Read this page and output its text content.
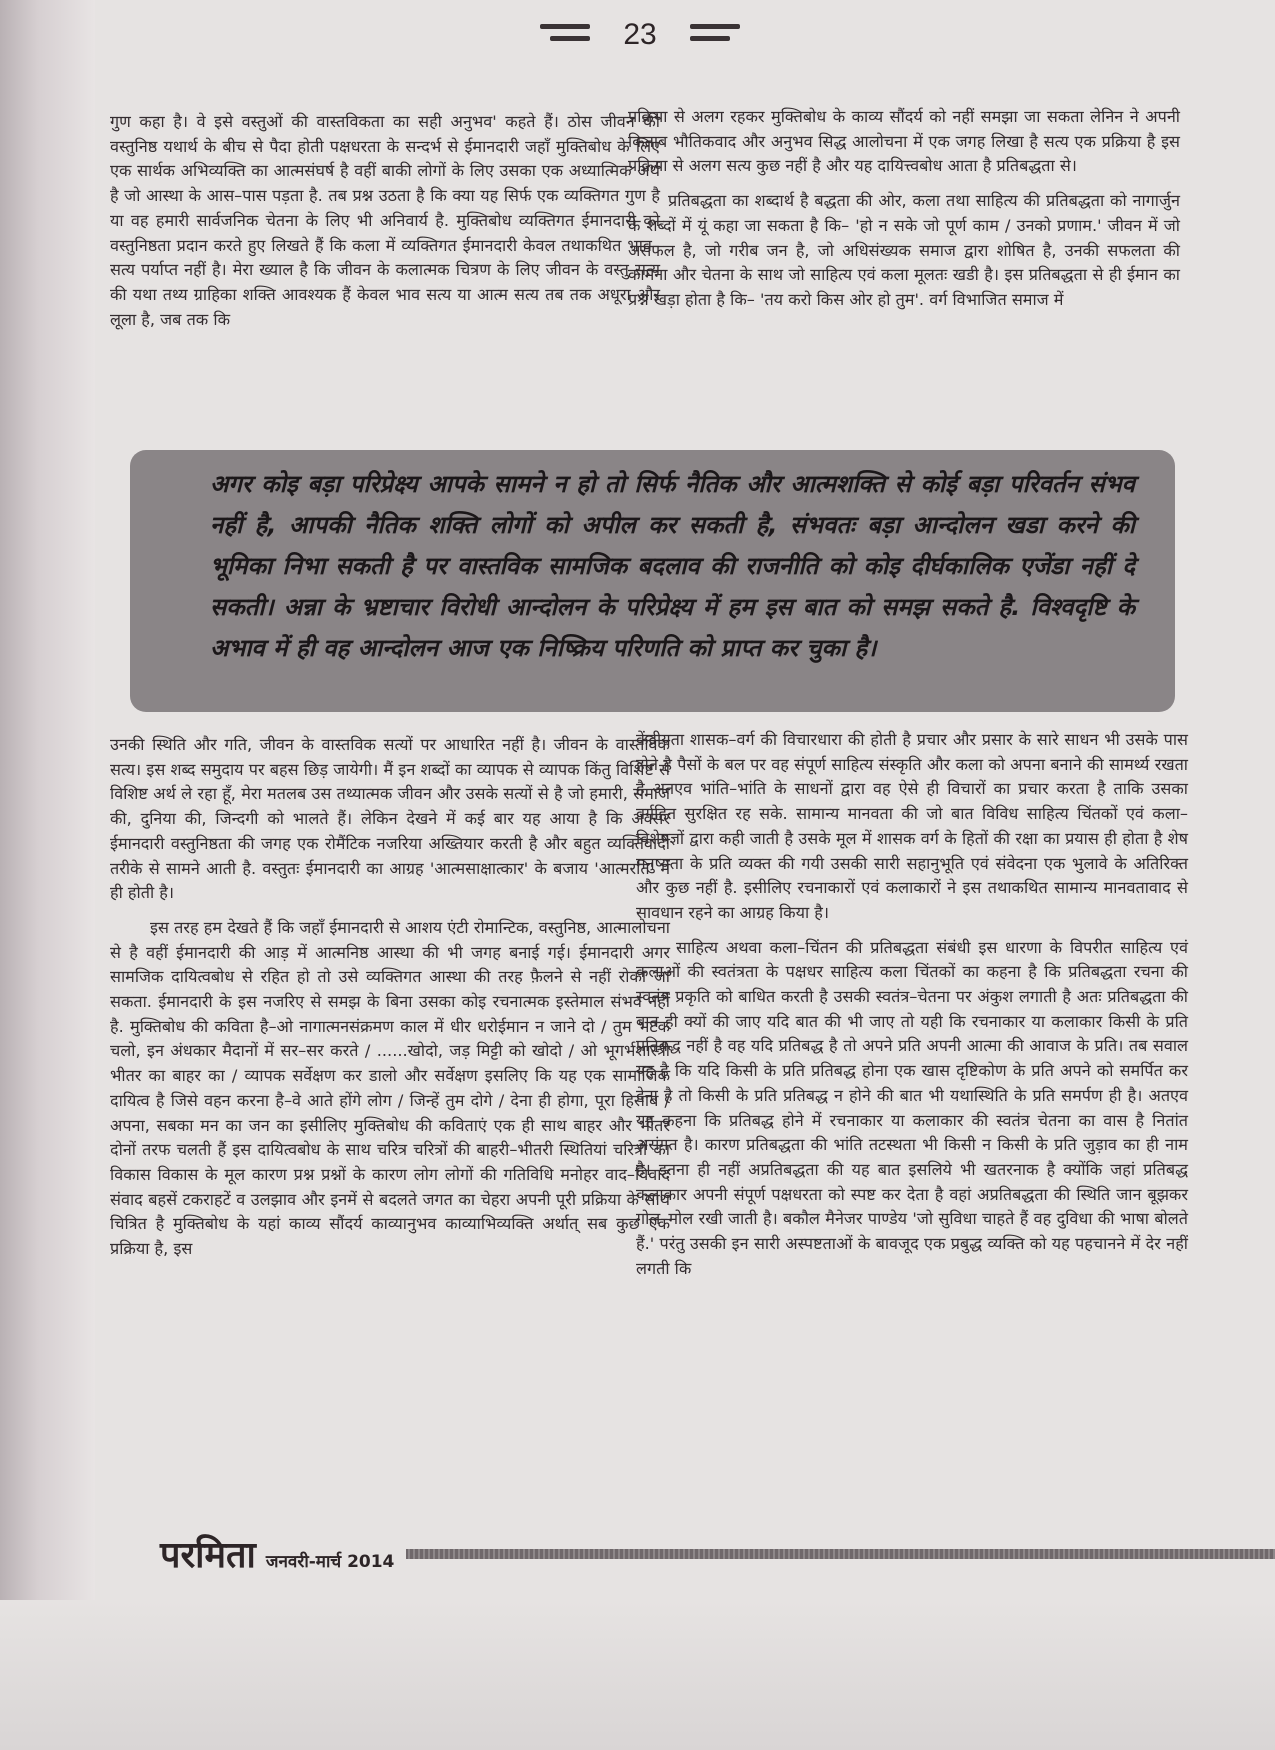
23

गुण कहा है। वे इसे वस्तुओं की वास्तविकता का सही अनुभव' कहते हैं। ठोस जीवन की वस्तुनिष्ठ यथार्थ के बीच से पैदा होती पक्षधरता के सन्दर्भ से ईमानदारी जहाँ मुक्तिबोध के लिए एक सार्थक अभिव्यक्ति का आत्मसंघर्ष है वहीं बाकी लोगों के लिए उसका एक अध्यात्मिक अर्थ है जो आस्था के आस–पास पड़ता है. तब प्रश्न उठता है कि क्या यह सिर्फ एक व्यक्तिगत गुण है या वह हमारी सार्वजनिक चेतना के लिए भी अनिवार्य है. मुक्तिबोध व्यक्तिगत ईमानदारी को वस्तुनिष्ठता प्रदान करते हुए लिखते हैं कि कला में व्यक्तिगत ईमानदारी केवल तथाकथित भाव–सत्य पर्याप्त नहीं है। मेरा ख्याल है कि जीवन के कलात्मक चित्रण के लिए जीवन के वस्तु सत्य की यथा तथ्य ग्राहिका शक्ति आवश्यक हैं केवल भाव सत्य या आत्म सत्य तब तक अधूरा और लूला है, जब तक कि

प्रक्रिया से अलग रहकर मुक्तिबोध के काव्य सौंदर्य को नहीं समझा जा सकता लेनिन ने अपनी किताब भौतिकवाद और अनुभव सिद्ध आलोचना में एक जगह लिखा है सत्य एक प्रक्रिया है इस प्रक्रिया से अलग सत्य कुछ नहीं है और यह दायित्त्वबोध आता है प्रतिबद्धता से।

प्रतिबद्धता का शब्दार्थ है बद्धता की ओर, कला तथा साहित्य की प्रतिबद्धता को नागार्जुन के शब्दों में यूं कहा जा सकता है कि– 'हो न सके जो पूर्ण काम / उनको प्रणाम.' जीवन में जो असफल है, जो गरीब जन है, जो अधिसंख्यक समाज द्वारा शोषित है, उनकी सफलता की कामना और चेतना के साथ जो साहित्य एवं कला मूलतः खडी है। इस प्रतिबद्धता से ही ईमान का प्रश्न खड़ा होता है कि– 'तय करो किस ओर हो तुम'. वर्ग विभाजित समाज में

अगर कोइ बड़ा परिप्रेक्ष्य आपके सामने न हो तो सिर्फ नैतिक और आत्मशक्ति से कोई बड़ा परिवर्तन संभव नहीं है, आपकी नैतिक शक्ति लोगों को अपील कर सकती है, संभवतः बड़ा आन्दोलन खडा करने की भूमिका निभा सकती है पर वास्तविक सामजिक बदलाव की राजनीति को कोइ दीर्घकालिक एजेंडा नहीं दे सकती। अन्ना के भ्रष्टाचार विरोधी आन्दोलन के परिप्रेक्ष्य में हम इस बात को समझ सकते है. विश्वदृष्टि के अभाव में ही वह आन्दोलन आज एक निष्क्रिय परिणति को प्राप्त कर चुका है।

उनकी स्थिति और गति, जीवन के वास्तविक सत्यों पर आधारित नहीं है। जीवन के वास्तविक सत्य। इस शब्द समुदाय पर बहस छिड़ जायेगी। मैं इन शब्दों का व्यापक से व्यापक किंतु विशिष्ट से विशिष्ट अर्थ ले रहा हूँ, मेरा मतलब उस तथ्यात्मक जीवन और उसके सत्यों से है जो हमारी, समाज की, दुनिया की, जिन्दगी को भालते हैं। लेकिन देखने में कई बार यह आया है कि अक्सर ईमानदारी वस्तुनिष्ठता की जगह एक रोमैंटिक नजरिया अख्तियार करती है और बहुत व्यक्तिवादी तरीके से सामने आती है. वस्तुतः ईमानदारी का आग्रह 'आत्मसाक्षात्कार' के बजाय 'आत्मरति' में ही होती है।

इस तरह हम देखते हैं कि जहाँ ईमानदारी से आशय एंटी रोमान्टिक, वस्तुनिष्ठ, आत्मालोचना से है वहीं ईमानदारी की आड़ में आत्मनिष्ठ आस्था की भी जगह बनाई गई। ईमानदारी अगर सामजिक दायित्वबोध से रहित हो तो उसे व्यक्तिगत आस्था की तरह फ़ैलने से नहीं रोका जा सकता. ईमानदारी के इस नजरिए से समझ के बिना उसका कोइ रचनात्मक इस्तेमाल संभव नहीं है. मुक्तिबोध की कविता है–ओ नागात्मनसंक्रमण काल में धीर धरोईमान न जाने दो / तुम भटक चलो, इन अंधकार मैदानों में सर–सर करते / ......खोदो, जड़ मिट्टी को खोदो / ओ भूगर्भशास्त्री भीतर का बाहर का / व्यापक सर्वेक्षण कर डालो और सर्वेक्षण इसलिए कि यह एक सामाजिक दायित्व है जिसे वहन करना है–वे आते होंगे लोग / जिन्हें तुम दोगे / देना ही होगा, पूरा हिसाब / अपना, सबका मन का जन का इसीलिए मुक्तिबोध की कविताएं एक ही साथ बाहर और भीतर दोनों तरफ चलती हैं इस दायित्वबोध के साथ चरित्र चरित्रों की बाहरी–भीतरी स्थितियां चरित्रों का विकास विकास के मूल कारण प्रश्न प्रश्नों के कारण लोग लोगों की गतिविधि मनोहर वाद–विवाद संवाद बहसें टकराहटें व उलझाव और इनमें से बदलते जगत का चेहरा अपनी पूरी प्रक्रिया के साथ चित्रित है मुक्तिबोध के यहां काव्य सौंदर्य काव्यानुभव काव्याभिव्यक्ति अर्थात् सब कुछ एक प्रक्रिया है, इस

केंद्रीयता शासक–वर्ग की विचारधारा की होती है प्रचार और प्रसार के सारे साधन भी उसके पास होते है पैसों के बल पर वह संपूर्ण साहित्य संस्कृति और कला को अपना बनाने की सामर्थ्य रखता है अतएव भांति–भांति के साधनों द्वारा वह ऐसे ही विचारों का प्रचार करता है ताकि उसका वर्गहित सुरक्षित रह सके. सामान्य मानवता की जो बात विविध साहित्य चिंतकों एवं कला–विशेषज्ञों द्वारा कही जाती है उसके मूल में शासक वर्ग के हितों की रक्षा का प्रयास ही होता है शेष मनुष्यता के प्रति व्यक्त की गयी उसकी सारी सहानुभूति एवं संवेदना एक भुलावे के अतिरिक्त और कुछ नहीं है. इसीलिए रचनाकारों एवं कलाकारों ने इस तथाकथित सामान्य मानवतावाद से सावधान रहने का आग्रह किया है।

साहित्य अथवा कला–चिंतन की प्रतिबद्धता संबंधी इस धारणा के विपरीत साहित्य एवं कलाओं की स्वतंत्रता के पक्षधर साहित्य कला चिंतकों का कहना है कि प्रतिबद्धता रचना की स्वतंत्र प्रकृति को बाधित करती है उसकी स्वतंत्र–चेतना पर अंकुश लगाती है अतः प्रतिबद्धता की बात ही क्यों की जाए यदि बात की भी जाए तो यही कि रचनाकार या कलाकार किसी के प्रति प्रतिबद्ध नहीं है वह यदि प्रतिबद्ध है तो अपने प्रति अपनी आत्मा की आवाज के प्रति। तब सवाल यह है कि यदि किसी के प्रति प्रतिबद्ध होना एक खास दृष्टिकोण के प्रति अपने को समर्पित कर देना है तो किसी के प्रति प्रतिबद्ध न होने की बात भी यथास्थिति के प्रति समर्पण ही है। अतएव यह कहना कि प्रतिबद्ध होने में रचनाकार या कलाकार की स्वतंत्र चेतना का वास है नितांत असंगत है। कारण प्रतिबद्धता की भांति तटस्थता भी किसी न किसी के प्रति जुड़ाव का ही नाम है। इतना ही नहीं अप्रतिबद्धता की यह बात इसलिये भी खतरनाक है क्योंकि जहां प्रतिबद्ध कलाकार अपनी संपूर्ण पक्षधरता को स्पष्ट कर देता है वहां अप्रतिबद्धता की स्थिति जान बूझकर गोल–मोल रखी जाती है। बकौल मैनेजर पाण्डेय 'जो सुविधा चाहते हैं वह दुविधा की भाषा बोलते हैं.' परंतु उसकी इन सारी अस्पष्टताओं के बावजूद एक प्रबुद्ध व्यक्ति को यह पहचानने में देर नहीं लगती कि

परमिता जनवरी-मार्च 2014
